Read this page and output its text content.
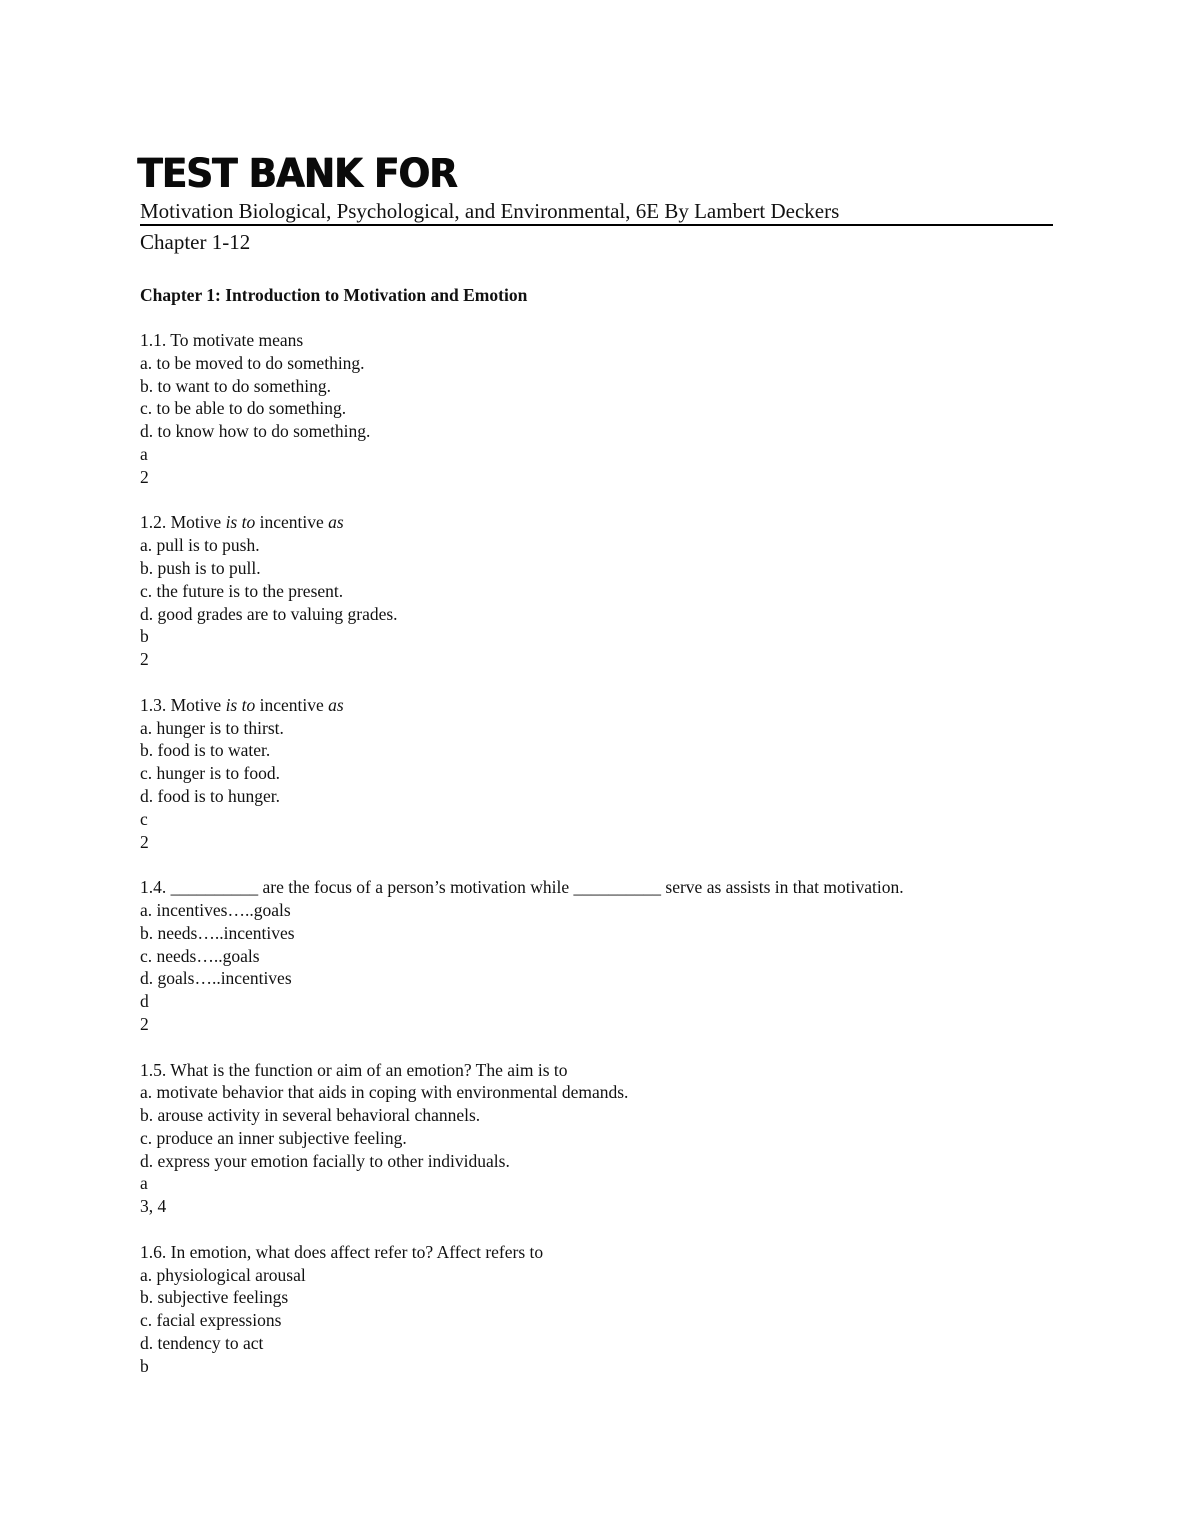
TEST BANK FOR
Motivation Biological, Psychological, and Environmental, 6E By Lambert Deckers
Chapter 1-12
Chapter 1: Introduction to Motivation and Emotion
1.1. To motivate means
a. to be moved to do something.
b. to want to do something.
c. to be able to do something.
d. to know how to do something.
a
2
1.2. Motive is to incentive as
a. pull is to push.
b. push is to pull.
c. the future is to the present.
d. good grades are to valuing grades.
b
2
1.3. Motive is to incentive as
a. hunger is to thirst.
b. food is to water.
c. hunger is to food.
d. food is to hunger.
c
2
1.4. __________ are the focus of a person’s motivation while __________ serve as assists in that motivation.
a. incentives…..goals
b. needs…..incentives
c. needs…..goals
d. goals…..incentives
d
2
1.5. What is the function or aim of an emotion? The aim is to
a. motivate behavior that aids in coping with environmental demands.
b. arouse activity in several behavioral channels.
c. produce an inner subjective feeling.
d. express your emotion facially to other individuals.
a
3, 4
1.6. In emotion, what does affect refer to? Affect refers to
a. physiological arousal
b. subjective feelings
c. facial expressions
d. tendency to act
b
